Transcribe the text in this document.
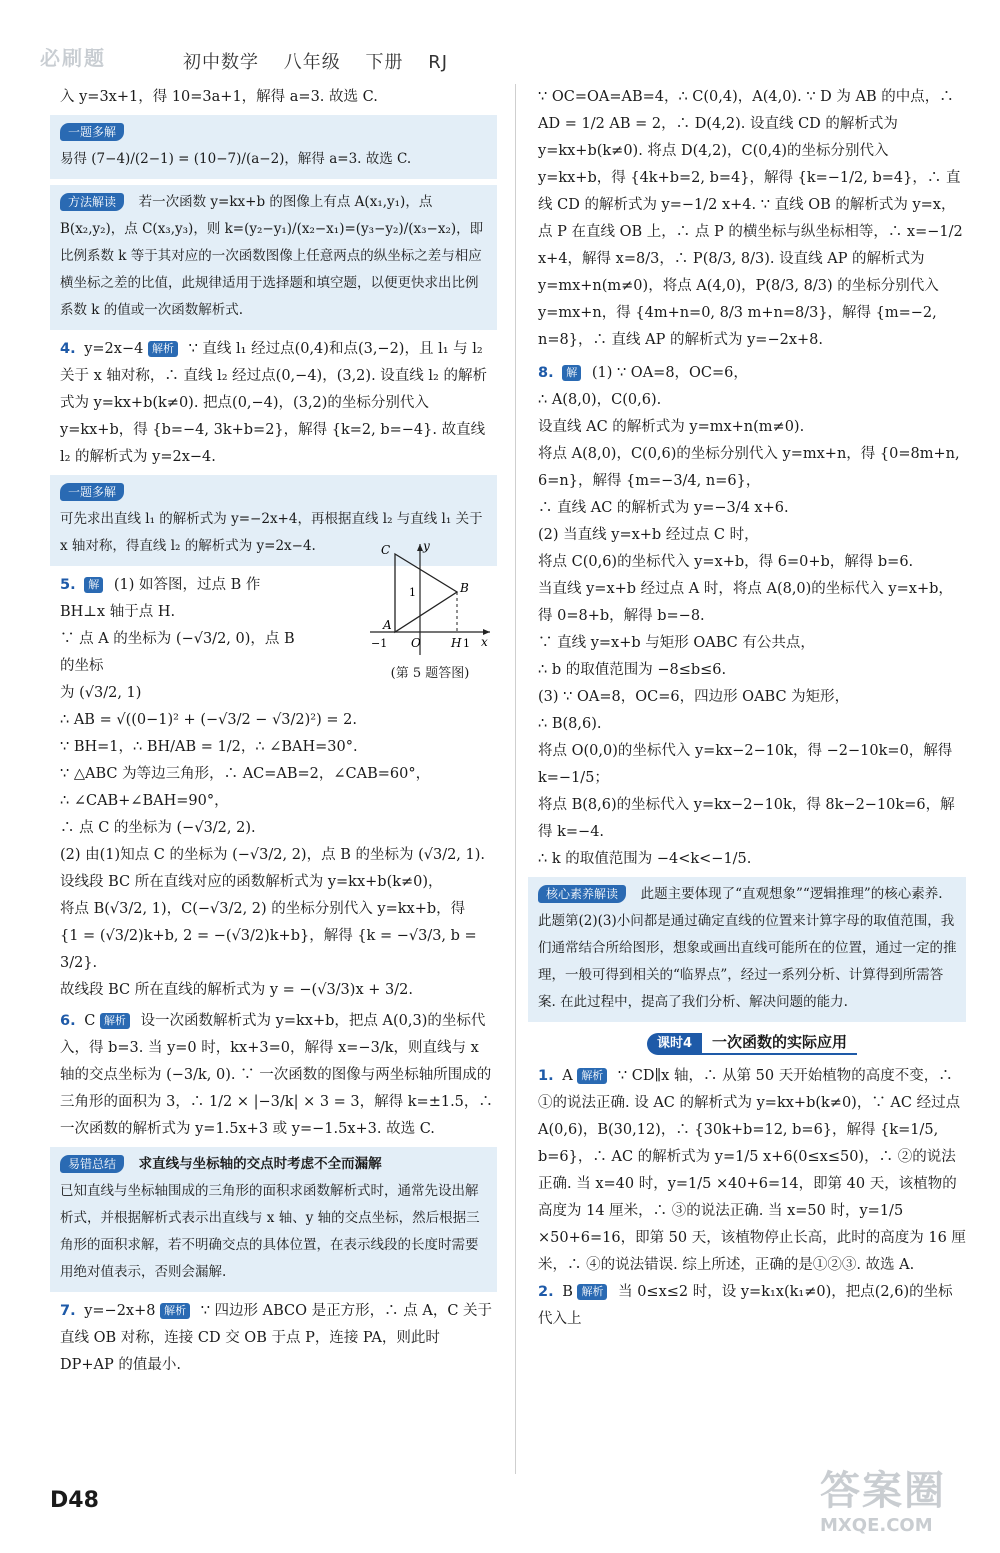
必刷题	初中数学 八年级 下册 RJ

入 y=3x+1，得 10=3a+1，解得 a=3. 故选 C.

一题多解
易得 (7−4)/(2−1) = (10−7)/(a−2)，解得 a=3. 故选 C.
方法解读 若一次函数 y=kx+b 的图像上有点 A(x₁,y₁)，点 B(x₂,y₂)，点 C(x₃,y₃)，则 k=(y₂−y₁)/(x₂−x₁)=(y₃−y₂)/(x₃−x₂)，即比例系数 k 等于其对应的一次函数图像上任意两点的纵坐标之差与相应横坐标之差的比值，此规律适用于选择题和填空题，以便更快求出比例系数 k 的值或一次函数解析式.

4. y=2x−4 解析 ∵ 直线 l₁ 经过点(0,4)和点(3,−2)，且 l₁ 与 l₂ 关于 x 轴对称，∴ 直线 l₂ 经过点(0,−4)，(3,2). 设直线 l₂ 的解析式为 y=kx+b(k≠0). 把点(0,−4)，(3,2)的坐标分别代入 y=kx+b，得 {b=−4, 3k+b=2}，解得 {k=2, b=−4}. 故直线 l₂ 的解析式为 y=2x−4.

一题多解
可先求出直线 l₁ 的解析式为 y=−2x+4，再根据直线 l₂ 与直线 l₁ 关于 x 轴对称，得直线 l₂ 的解析式为 y=2x−4.

5. 解 (1) 如答图，过点 B 作 BH⊥x 轴于点 H.

∵ 点 A 的坐标为 (−√3/2, 0)，点 B 的坐标

为 (√3/2, 1)

∴ AB = √((0−1)² + (−√3/2 − √3/2)²) = 2.

∵ BH=1，∴ BH/AB = 1/2，∴ ∠BAH=30°.

∵ △ABC 为等边三角形，∴ AC=AB=2，∠CAB=60°，

∴ ∠CAB+∠BAH=90°，

∴ 点 C 的坐标为 (−√3/2, 2).

(2) 由(1)知点 C 的坐标为 (−√3/2, 2)，点 B 的坐标为 (√3/2, 1).

设线段 BC 所在直线对应的函数解析式为 y=kx+b(k≠0)，

将点 B(√3/2, 1)，C(−√3/2, 2) 的坐标分别代入 y=kx+b，得

{1 = (√3/2)k+b, 2 = −(√3/2)k+b}，解得 {k = −√3/3, b = 3/2}.

故线段 BC 所在直线的解析式为 y = −(√3/3)x + 3/2.

6. C 解析 设一次函数解析式为 y=kx+b，把点 A(0,3)的坐标代入，得 b=3. 当 y=0 时，kx+3=0，解得 x=−3/k，则直线与 x 轴的交点坐标为 (−3/k, 0). ∵ 一次函数的图像与两坐标轴所围成的三角形的面积为 3，∴ 1/2 × |−3/k| × 3 = 3，解得 k=±1.5，∴ 一次函数的解析式为 y=1.5x+3 或 y=−1.5x+3. 故选 C.

易错总结 求直线与坐标轴的交点时考虑不全而漏解
已知直线与坐标轴围成的三角形的面积求函数解析式时，通常先设出解析式，并根据解析式表示出直线与 x 轴、y 轴的交点坐标，然后根据三角形的面积求解，若不明确交点的具体位置，在表示线段的长度时需要用绝对值表示，否则会漏解.

7. y=−2x+8 解析 ∵ 四边形 ABCO 是正方形，∴ 点 A，C 关于直线 OB 对称，连接 CD 交 OB 于点 P，连接 PA，则此时 DP+AP 的值最小.

C	y
B
A
1
−1 O	H 1 x
(第 5 题答图)

∵ OC=OA=AB=4，∴ C(0,4)，A(4,0). ∵ D 为 AB 的中点，∴ AD = 1/2 AB = 2，∴ D(4,2). 设直线 CD 的解析式为 y=kx+b(k≠0). 将点 D(4,2)，C(0,4)的坐标分别代入 y=kx+b，得 {4k+b=2, b=4}，解得 {k=−1/2, b=4}，∴ 直线 CD 的解析式为 y=−1/2 x+4. ∵ 直线 OB 的解析式为 y=x，点 P 在直线 OB 上，∴ 点 P 的横坐标与纵坐标相等，∴ x=−1/2 x+4，解得 x=8/3，∴ P(8/3, 8/3). 设直线 AP 的解析式为 y=mx+n(m≠0)，将点 A(4,0)，P(8/3, 8/3) 的坐标分别代入 y=mx+n，得 {4m+n=0, 8/3 m+n=8/3}，解得 {m=−2, n=8}，∴ 直线 AP 的解析式为 y=−2x+8.

8. 解 (1) ∵ OA=8，OC=6，

∴ A(8,0)，C(0,6).

设直线 AC 的解析式为 y=mx+n(m≠0).

将点 A(8,0)，C(0,6)的坐标分别代入 y=mx+n，得 {0=8m+n, 6=n}，解得 {m=−3/4, n=6}，

∴ 直线 AC 的解析式为 y=−3/4 x+6.

(2) 当直线 y=x+b 经过点 C 时，

将点 C(0,6)的坐标代入 y=x+b，得 6=0+b，解得 b=6.

当直线 y=x+b 经过点 A 时，将点 A(8,0)的坐标代入 y=x+b，得 0=8+b，解得 b=−8.

∵ 直线 y=x+b 与矩形 OABC 有公共点，

∴ b 的取值范围为 −8≤b≤6.

(3) ∵ OA=8，OC=6，四边形 OABC 为矩形，

∴ B(8,6).

将点 O(0,0)的坐标代入 y=kx−2−10k，得 −2−10k=0，解得 k=−1/5；

将点 B(8,6)的坐标代入 y=kx−2−10k，得 8k−2−10k=6，解得 k=−4.

∴ k 的取值范围为 −4<k<−1/5.

核心素养解读 此题主要体现了“直观想象”“逻辑推理”的核心素养. 此题第(2)(3)小问都是通过确定直线的位置来计算字母的取值范围，我们通常结合所给图形，想象或画出直线可能所在的位置，通过一定的推理，一般可得到相关的“临界点”，经过一系列分析、计算得到所需答案. 在此过程中，提高了我们分析、解决问题的能力.
课时4 一次函数的实际应用

1. A 解析 ∵ CD∥x 轴，∴ 从第 50 天开始植物的高度不变，∴ ①的说法正确. 设 AC 的解析式为 y=kx+b(k≠0)，∵ AC 经过点 A(0,6)，B(30,12)，∴ {30k+b=12, b=6}，解得 {k=1/5, b=6}，∴ AC 的解析式为 y=1/5 x+6(0≤x≤50)，∴ ②的说法正确. 当 x=40 时，y=1/5 ×40+6=14，即第 40 天，该植物的高度为 14 厘米，∴ ③的说法正确. 当 x=50 时，y=1/5 ×50+6=16，即第 50 天，该植物停止长高，此时的高度为 16 厘米，∴ ④的说法错误. 综上所述，正确的是①②③. 故选 A.

2. B 解析 当 0≤x≤2 时，设 y=k₁x(k₁≠0)，把点(2,6)的坐标代入上

D48	答案圈
MXQE.COM
